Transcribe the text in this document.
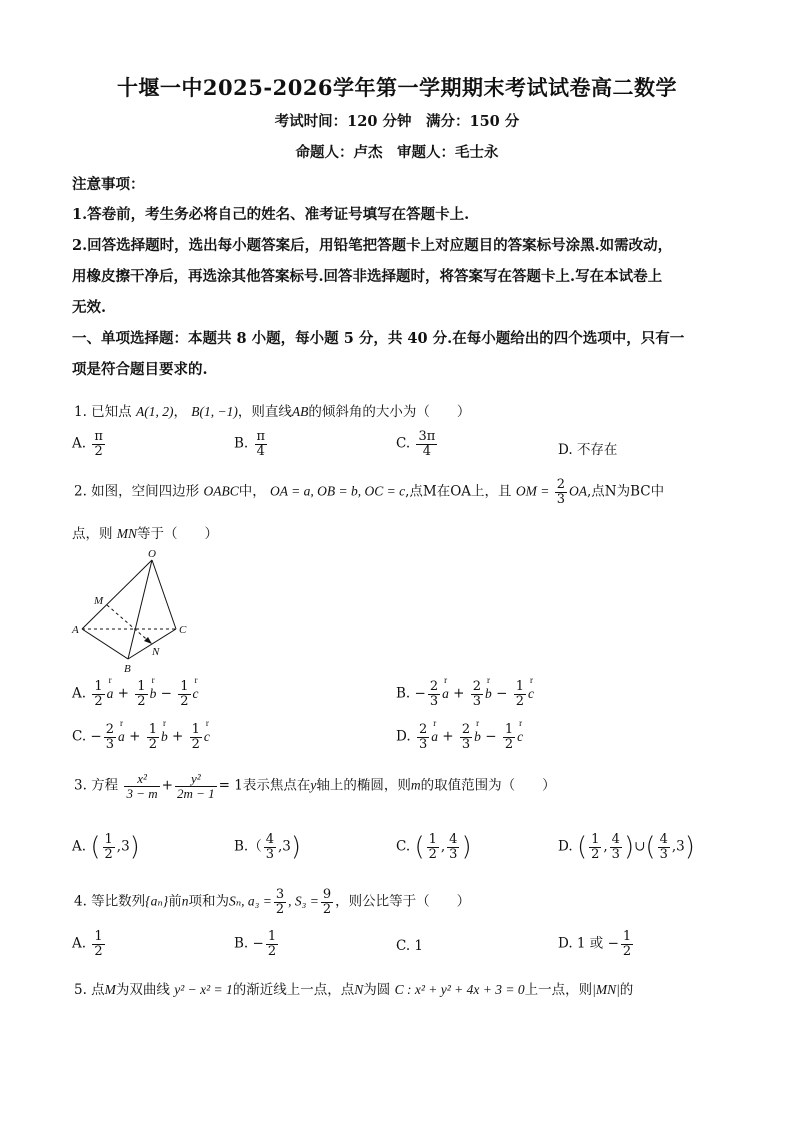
十堰一中2025-2026学年第一学期期末考试试卷高二数学
考试时间：120 分钟　满分：150 分
命题人：卢杰　审题人：毛士永
注意事项：
1.答卷前，考生务必将自己的姓名、准考证号填写在答题卡上.
2.回答选择题时，选出每小题答案后，用铅笔把答题卡上对应题目的答案标号涂黑.如需改动，
用橡皮擦干净后，再选涂其他答案标号.回答非选择题时，将答案写在答题卡上.写在本试卷上
无效.
一、单项选择题：本题共 8 小题，每小题 5 分，共 40 分.在每小题给出的四个选项中，只有一
项是符合题目要求的.
1. 已知点 A(1, 2)， B(1, −1)，则直线AB的倾斜角的大小为（　　）
A. $\frac{\pi}{2}$	B. $\frac{\pi}{4}$	C. $\frac{3\pi}{4}$	D. 不存在
2. 如图，空间四边形 OABC中， OA = a, OB = b, OC = c,点M在OA上，且 OM = $\frac{2}{3}$ OA,点N为BC中
点，则 MN等于（　　）
O
M
A	C
N
B
A. $\frac{1}{2}$ r $a + \frac{1}{2}$ r $b - \frac{1}{2}$ r c	B. − $\frac{2}{3}$ r $a + \frac{2}{3}$ r $b - \frac{1}{2}$ r c
C. − $\frac{2}{3}$ r $a + \frac{1}{2}$ r $b + \frac{1}{2}$ r c	D. $\frac{2}{3}$ r $a + \frac{2}{3}$ r $b - \frac{1}{2}$ r c
3. 方程 $\frac{\text{x²}}{3 - m} + \frac{\text{y²}}{2m - 1} = 1$表示焦点在y轴上的椭圆，则m的取值范围为（　　）
A. ( $\frac{1}{2} ,3$)	$B.( \frac{4}{3} ,3)$	C. ( $\frac{1}{2}$ , $\frac{4}{3}$ )	D. ( $\frac{1}{2}$ , $\frac{4}{3}$ )∪( $\frac{4}{3} ,3$)
4. 等比数列{aₙ}前n项和为Sₙ, $a_3 = \frac{3}{2}$ , $S_3 = \frac{9}{2}$ ，则公比等于（　　）
A. $\frac{1}{2}$	B. − $\frac{1}{2}$	C. 1	D. 1 或 − $\frac{1}{2}$
5. 点M为双曲线 y² − x² = 1的渐近线上一点，点N为圆 C : x² + y² + 4x + 3 = 0上一点，则|MN|的
